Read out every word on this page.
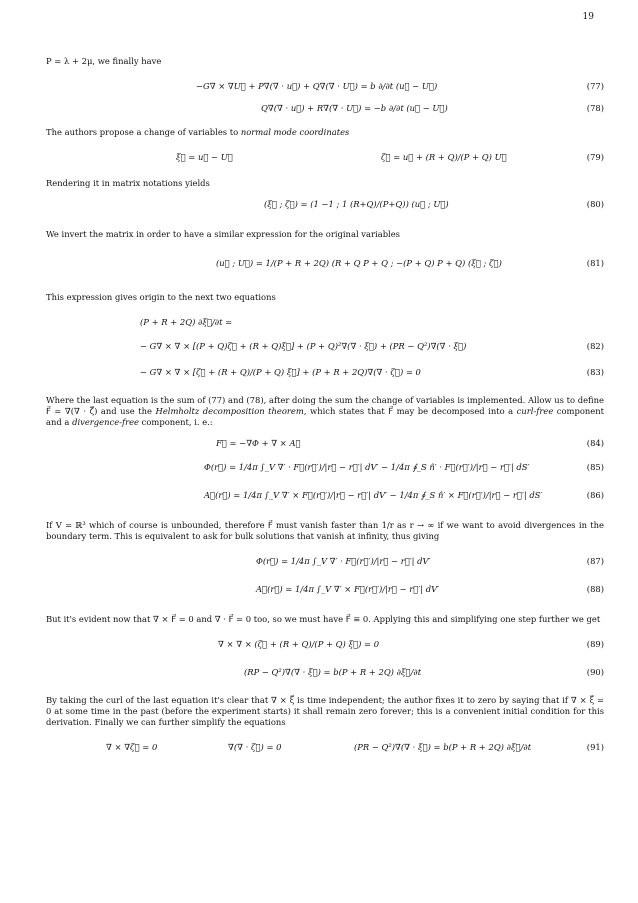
19

P = λ + 2μ, we finally have

−G∇ × ∇U⃗ + P∇(∇ · u⃗) + Q∇(∇ · U⃗) = b ∂/∂t (u⃗ − U⃗)	(77)
Q∇(∇ · u⃗) + R∇(∇ · U⃗) = −b ∂/∂t (u⃗ − U⃗)	(78)

The authors propose a change of variables to normal mode coordinates

ξ⃗ = u⃗ − U⃗	ζ⃗ = u⃗ + (R + Q)/(P + Q) U⃗	(79)

Rendering it in matrix notations yields

(ξ⃗ ; ζ⃗) = (1 −1 ; 1 (R+Q)/(P+Q)) (u⃗ ; U⃗)	(80)

We invert the matrix in order to have a similar expression for the original variables

(u⃗ ; U⃗) = 1/(P + R + 2Q) (R + Q P + Q ; −(P + Q) P + Q) (ξ⃗ ; ζ⃗)	(81)

This expression gives origin to the next two equations

(P + R + 2Q) ∂ξ⃗/∂t =
− G∇ × ∇ × [(P + Q)ζ⃗ + (R + Q)ξ⃗] + (P + Q)²∇(∇ · ξ⃗) + (PR − Q²)∇(∇ · ξ⃗)	(82)
− G∇ × ∇ × [ζ⃗ + (R + Q)/(P + Q) ξ⃗] + (P + R + 2Q)∇(∇ · ζ⃗) = 0	(83)

Where the last equation is the sum of (77) and (78), after doing the sum the change of variables is implemented. Allow us to define F⃗ = ∇(∇ · ζ⃗) and use the Helmholtz decomposition theorem, which states that F⃗ may be decomposed into a curl-free component and a divergence-free component, i. e.:

F⃗ = −∇Φ + ∇ × A⃗	(84)
Φ(r⃗) = 1/4π ∫_V ∇′ · F⃗(r⃗′)/|r⃗ − r⃗′| dV′ − 1/4π ∮_S n̂′ · F⃗(r⃗′)/|r⃗ − r⃗′| dS′	(85)
A⃗(r⃗) = 1/4π ∫_V ∇′ × F⃗(r⃗′)/|r⃗ − r⃗′| dV′ − 1/4π ∮_S n̂′ × F⃗(r⃗′)/|r⃗ − r⃗′| dS′	(86)

If V = ℝ³ which of course is unbounded, therefore F⃗ must vanish faster than 1/r as r → ∞ if we want to avoid divergences in the boundary term. This is equivalent to ask for bulk solutions that vanish at infinity, thus giving

Φ(r⃗) = 1/4π ∫_V ∇′ · F⃗(r⃗′)/|r⃗ − r⃗′| dV′	(87)
A⃗(r⃗) = 1/4π ∫_V ∇′ × F⃗(r⃗′)/|r⃗ − r⃗′| dV′	(88)

But it's evident now that ∇ × F⃗ = 0 and ∇ · F⃗ = 0 too, so we must have F⃗ ≡ 0. Applying this and simplifying one step further we get

∇ × ∇ × (ζ⃗ + (R + Q)/(P + Q) ξ⃗) = 0	(89)
(RP − Q²)∇(∇ · ξ⃗) = b(P + R + 2Q) ∂ξ⃗/∂t	(90)

By taking the curl of the last equation it's clear that ∇ × ξ⃗ is time independent; the author fixes it to zero by saying that if ∇ × ξ⃗ = 0 at some time in the past (before the experiment starts) it shall remain zero forever; this is a convenient initial condition for this derivation. Finally we can further simplify the equations

∇ × ∇ζ⃗ = 0	∇(∇ · ζ⃗) = 0	(PR − Q²)∇(∇ · ξ⃗) = b(P + R + 2Q) ∂ξ⃗/∂t	(91)
